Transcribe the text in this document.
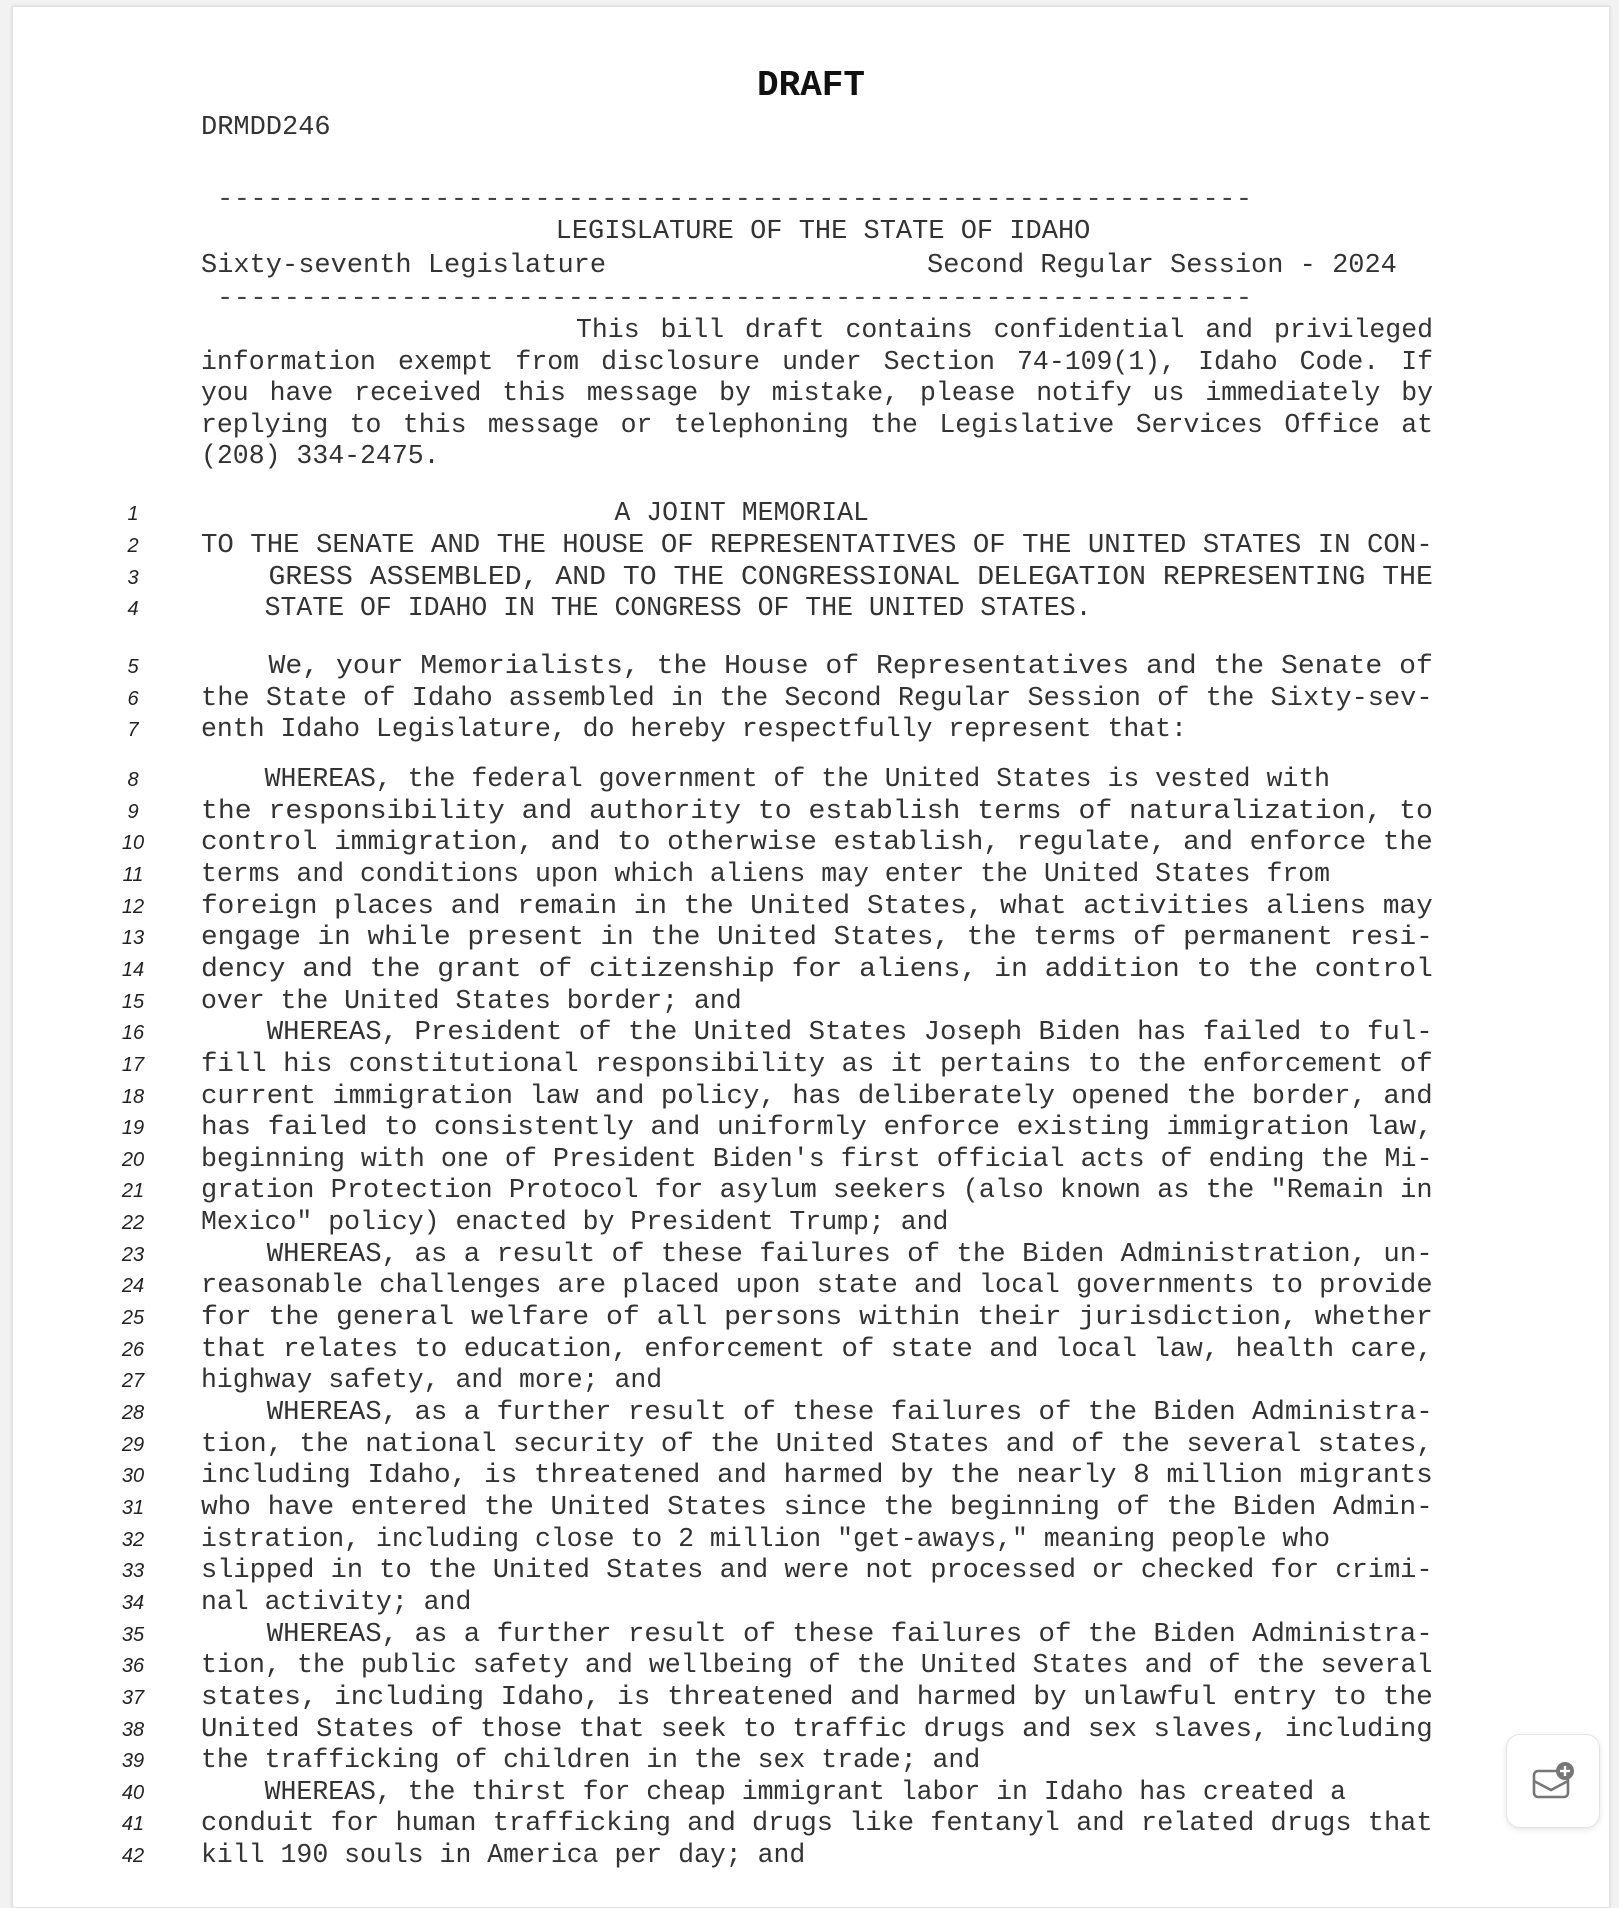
DRAFT
DRMDD246
--------------------------------------------------------------
LEGISLATURE OF THE STATE OF IDAHO
Sixty-seventh Legislature	Second Regular Session - 2024
--------------------------------------------------------------
This bill draft contains confidential and privileged information exempt from disclosure under Section 74-109(1), Idaho Code. If you have received this message by mistake, please notify us immediately by replying to this message or telephoning the Legislative Services Office at (208) 334-2475.
1	A JOINT MEMORIAL
2	TO THE SENATE AND THE HOUSE OF REPRESENTATIVES OF THE UNITED STATES IN CON-
3	GRESS ASSEMBLED, AND TO THE CONGRESSIONAL DELEGATION REPRESENTING THE
4	STATE OF IDAHO IN THE CONGRESS OF THE UNITED STATES.
5	We, your Memorialists, the House of Representatives and the Senate of
6	the State of Idaho assembled in the Second Regular Session of the Sixty-sev-
7	enth Idaho Legislature, do hereby respectfully represent that:
8	WHEREAS, the federal government of the United States is vested with
9	the responsibility and authority to establish terms of naturalization, to
10	control immigration, and to otherwise establish, regulate, and enforce the
11	terms and conditions upon which aliens may enter the United States from
12	foreign places and remain in the United States, what activities aliens may
13	engage in while present in the United States, the terms of permanent resi-
14	dency and the grant of citizenship for aliens, in addition to the control
15	over the United States border; and
16	WHEREAS, President of the United States Joseph Biden has failed to ful-
17	fill his constitutional responsibility as it pertains to the enforcement of
18	current immigration law and policy, has deliberately opened the border, and
19	has failed to consistently and uniformly enforce existing immigration law,
20	beginning with one of President Biden's first official acts of ending the Mi-
21	gration Protection Protocol for asylum seekers (also known as the "Remain in
22	Mexico" policy) enacted by President Trump; and
23	WHEREAS, as a result of these failures of the Biden Administration, un-
24	reasonable challenges are placed upon state and local governments to provide
25	for the general welfare of all persons within their jurisdiction, whether
26	that relates to education, enforcement of state and local law, health care,
27	highway safety, and more; and
28	WHEREAS, as a further result of these failures of the Biden Administra-
29	tion, the national security of the United States and of the several states,
30	including Idaho, is threatened and harmed by the nearly 8 million migrants
31	who have entered the United States since the beginning of the Biden Admin-
32	istration, including close to 2 million "get-aways," meaning people who
33	slipped in to the United States and were not processed or checked for crimi-
34	nal activity; and
35	WHEREAS, as a further result of these failures of the Biden Administra-
36	tion, the public safety and wellbeing of the United States and of the several
37	states, including Idaho, is threatened and harmed by unlawful entry to the
38	United States of those that seek to traffic drugs and sex slaves, including
39	the trafficking of children in the sex trade; and
40	WHEREAS, the thirst for cheap immigrant labor in Idaho has created a
41	conduit for human trafficking and drugs like fentanyl and related drugs that
42	kill 190 souls in America per day; and
